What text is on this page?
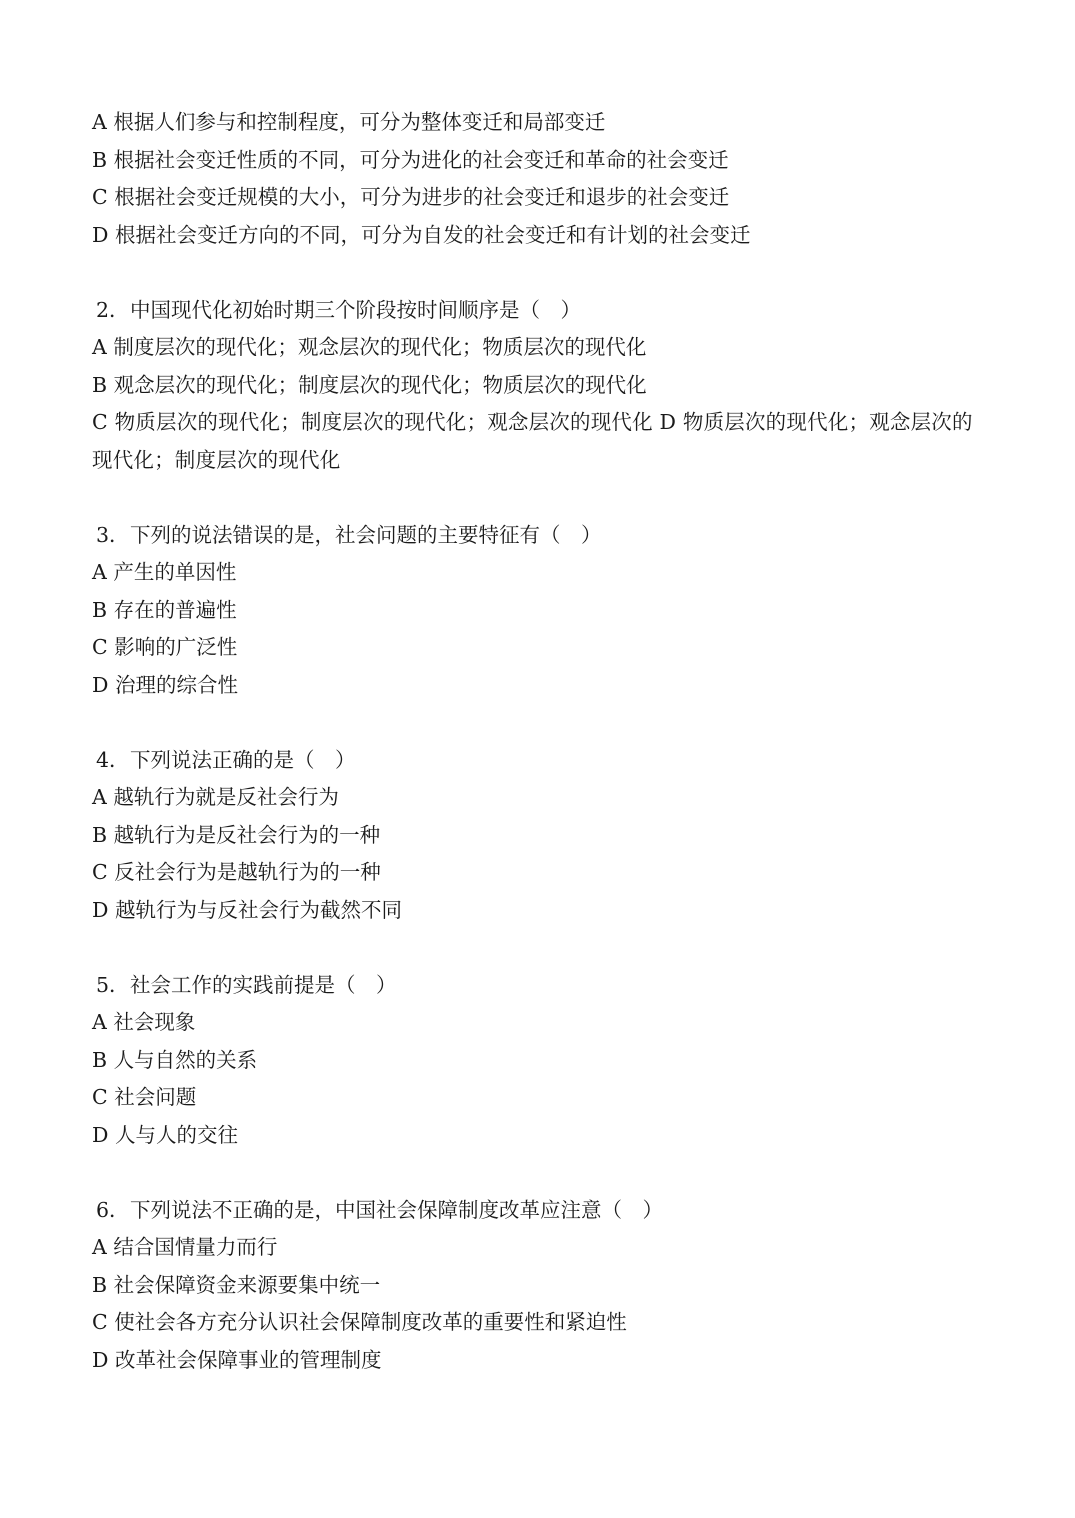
A 根据人们参与和控制程度，可分为整体变迁和局部变迁
B 根据社会变迁性质的不同，可分为进化的社会变迁和革命的社会变迁
C 根据社会变迁规模的大小，可分为进步的社会变迁和退步的社会变迁
D 根据社会变迁方向的不同，可分为自发的社会变迁和有计划的社会变迁
2．中国现代化初始时期三个阶段按时间顺序是（　）
A 制度层次的现代化；观念层次的现代化；物质层次的现代化
B 观念层次的现代化；制度层次的现代化；物质层次的现代化
C 物质层次的现代化；制度层次的现代化；观念层次的现代化 D 物质层次的现代化；观念层次的现代化；制度层次的现代化
3．下列的说法错误的是，社会问题的主要特征有（　）
A 产生的单因性
B 存在的普遍性
C 影响的广泛性
D 治理的综合性
4．下列说法正确的是（　）
A 越轨行为就是反社会行为
B 越轨行为是反社会行为的一种
C 反社会行为是越轨行为的一种
D 越轨行为与反社会行为截然不同
5．社会工作的实践前提是（　）
A 社会现象
B 人与自然的关系
C 社会问题
D 人与人的交往
6．下列说法不正确的是，中国社会保障制度改革应注意（　）
A 结合国情量力而行
B 社会保障资金来源要集中统一
C 使社会各方充分认识社会保障制度改革的重要性和紧迫性
D 改革社会保障事业的管理制度
